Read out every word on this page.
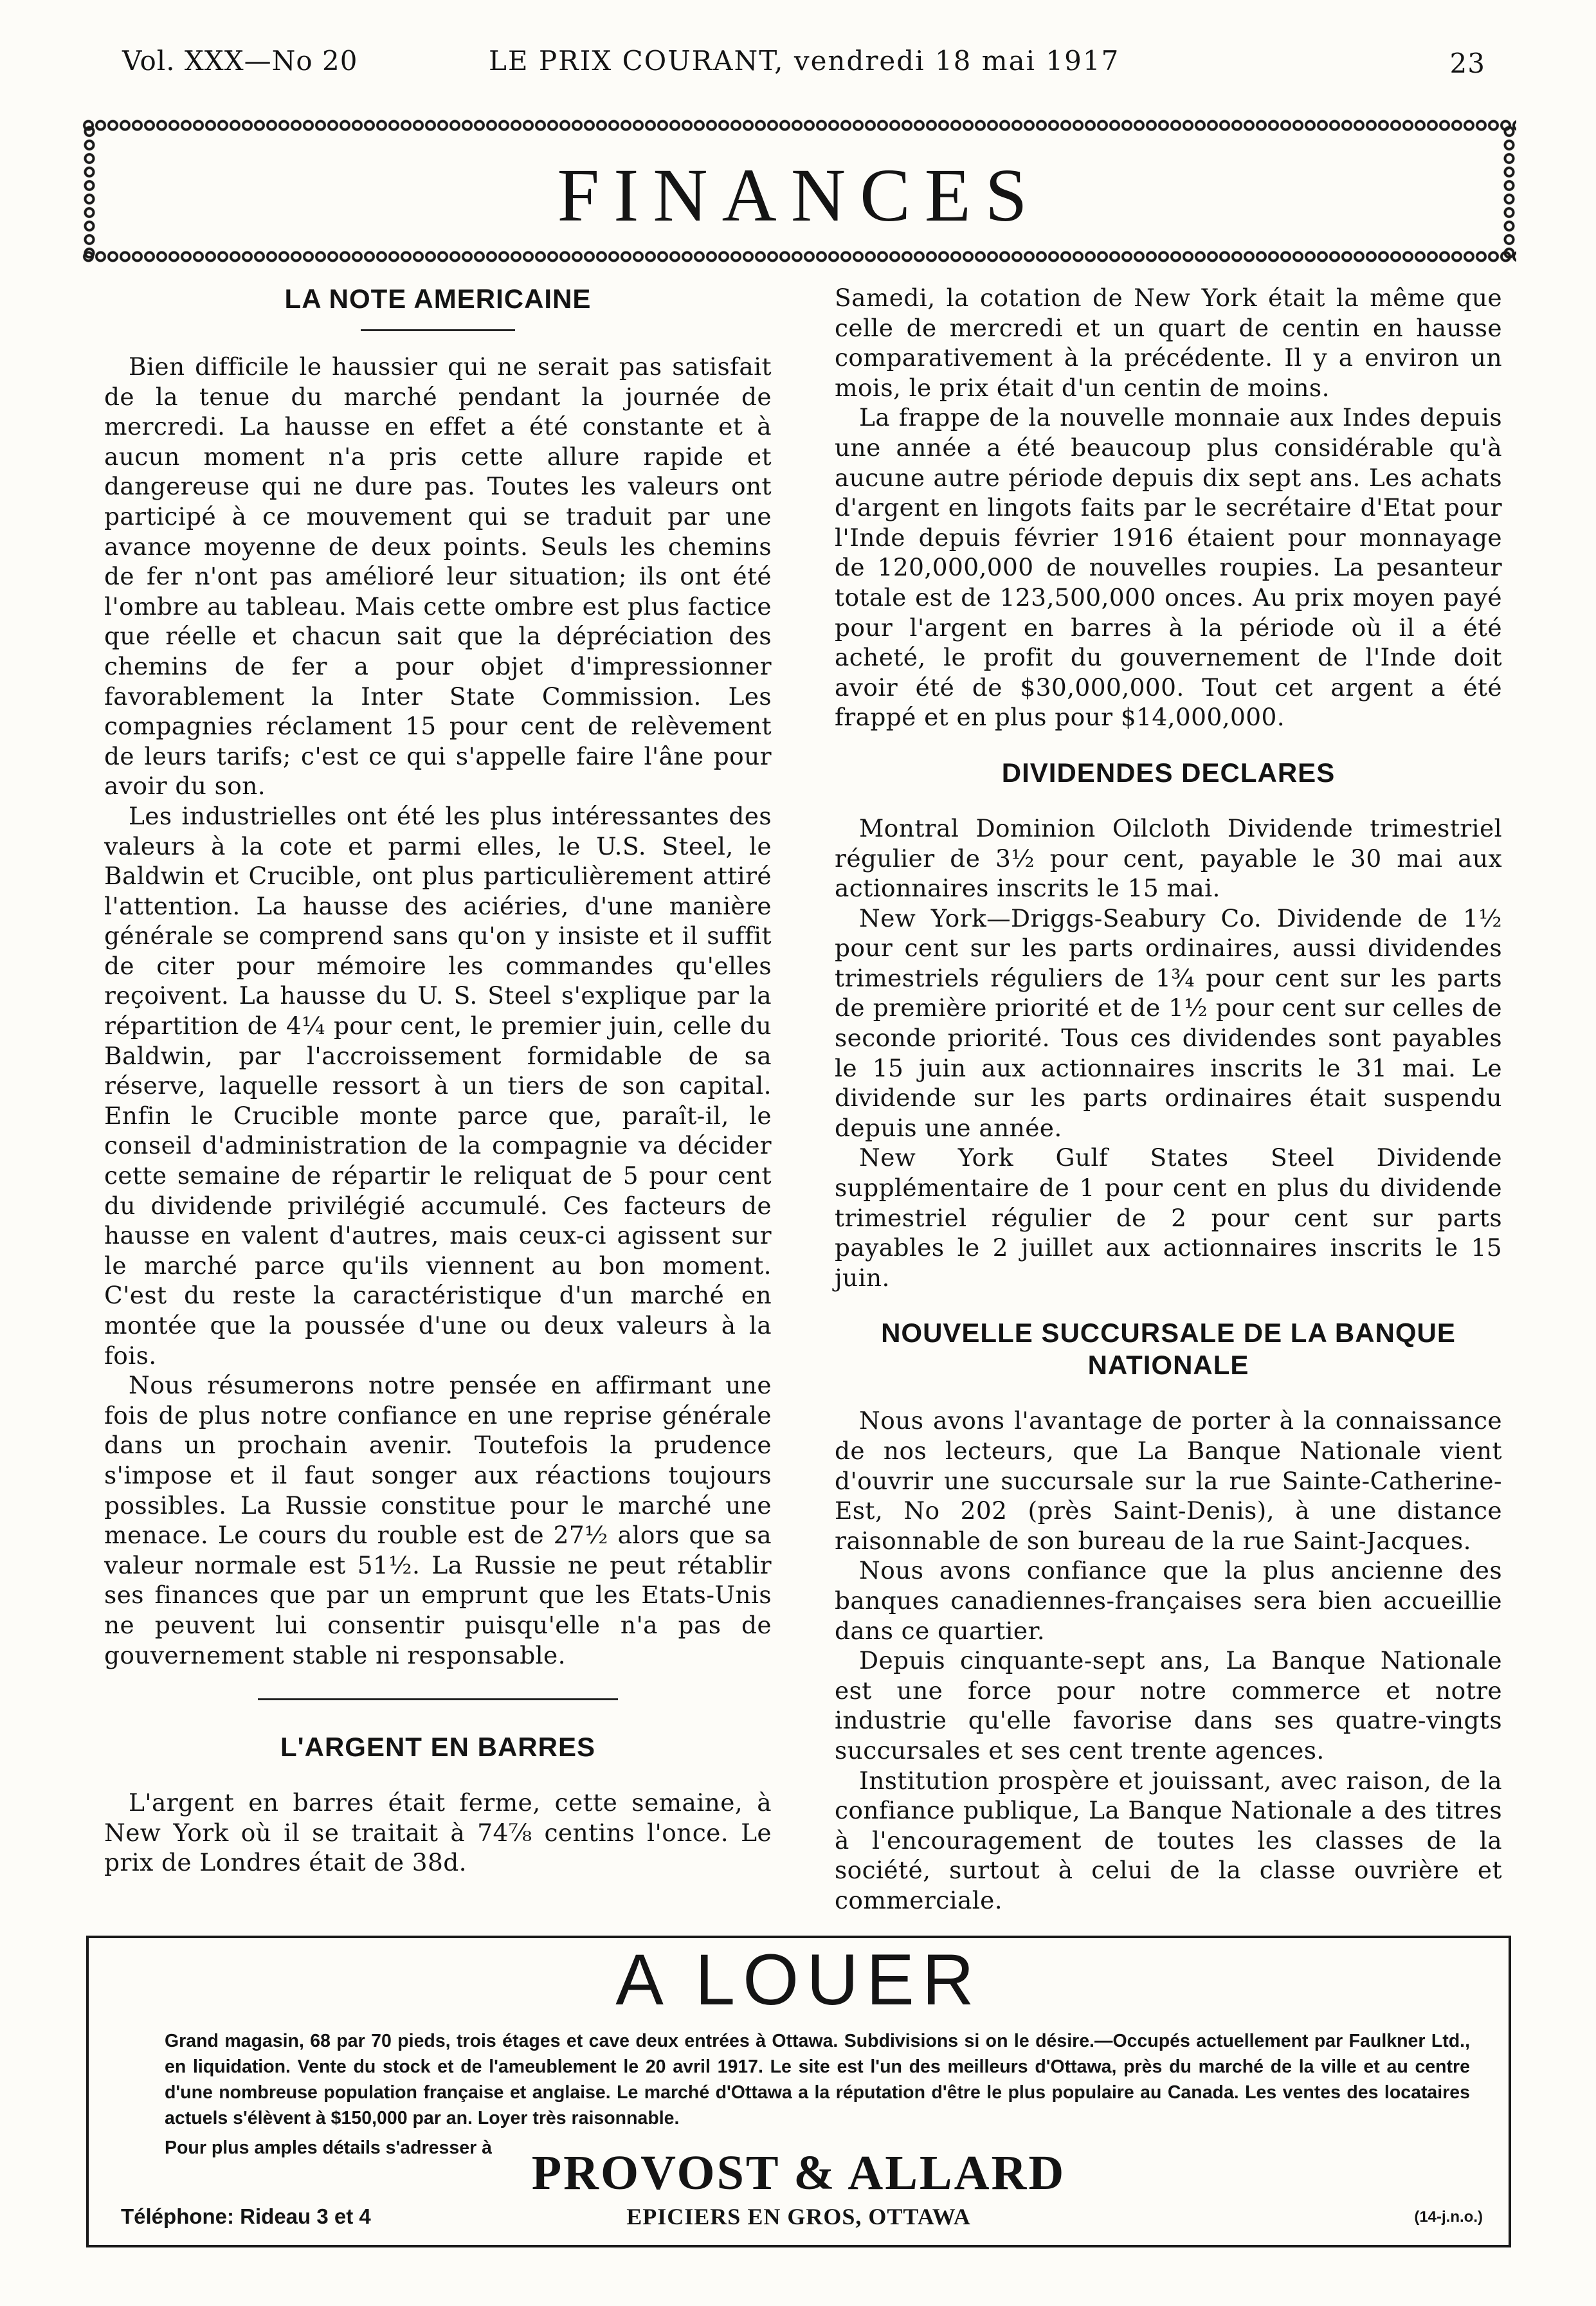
Vol. XXX—No 20	LE PRIX COURANT, vendredi 18 mai 1917	23
FINANCES
LA NOTE AMERICAINE

Bien difficile le haussier qui ne serait pas satisfait de la tenue du marché pendant la journée de mercredi. La hausse en effet a été constante et à aucun moment n'a pris cette allure rapide et dangereuse qui ne dure pas. Toutes les valeurs ont participé à ce mouvement qui se traduit par une avance moyenne de deux points. Seuls les chemins de fer n'ont pas amélioré leur situation; ils ont été l'ombre au tableau. Mais cette ombre est plus factice que réelle et chacun sait que la dépréciation des chemins de fer a pour objet d'impressionner favorablement la Inter State Commission. Les compagnies réclament 15 pour cent de relèvement de leurs tarifs; c'est ce qui s'appelle faire l'âne pour avoir du son.

Les industrielles ont été les plus intéressantes des valeurs à la cote et parmi elles, le U.S. Steel, le Baldwin et Crucible, ont plus particulièrement attiré l'attention. La hausse des aciéries, d'une manière générale se comprend sans qu'on y insiste et il suffit de citer pour mémoire les commandes qu'elles reçoivent. La hausse du U. S. Steel s'explique par la répartition de 4¼ pour cent, le premier juin, celle du Baldwin, par l'accroissement formidable de sa réserve, laquelle ressort à un tiers de son capital. Enfin le Crucible monte parce que, paraît-il, le conseil d'administration de la compagnie va décider cette semaine de répartir le reliquat de 5 pour cent du dividende privilégié accumulé. Ces facteurs de hausse en valent d'autres, mais ceux-ci agissent sur le marché parce qu'ils viennent au bon moment. C'est du reste la caractéristique d'un marché en montée que la poussée d'une ou deux valeurs à la fois.

Nous résumerons notre pensée en affirmant une fois de plus notre confiance en une reprise générale dans un prochain avenir. Toutefois la prudence s'impose et il faut songer aux réactions toujours possibles. La Russie constitue pour le marché une menace. Le cours du rouble est de 27½ alors que sa valeur normale est 51½. La Russie ne peut rétablir ses finances que par un emprunt que les Etats-Unis ne peuvent lui consentir puisqu'elle n'a pas de gouvernement stable ni responsable.

L'ARGENT EN BARRES

L'argent en barres était ferme, cette semaine, à New York où il se traitait à 74⅞ centins l'once. Le prix de Londres était de 38d.

Samedi, la cotation de New York était la même que celle de mercredi et un quart de centin en hausse comparativement à la précédente. Il y a environ un mois, le prix était d'un centin de moins.

La frappe de la nouvelle monnaie aux Indes depuis une année a été beaucoup plus considérable qu'à aucune autre période depuis dix sept ans. Les achats d'argent en lingots faits par le secrétaire d'Etat pour l'Inde depuis février 1916 étaient pour monnayage de 120,000,000 de nouvelles roupies. La pesanteur totale est de 123,500,000 onces. Au prix moyen payé pour l'argent en barres à la période où il a été acheté, le profit du gouvernement de l'Inde doit avoir été de $30,000,000. Tout cet argent a été frappé et en plus pour $14,000,000.

DIVIDENDES DECLARES

Montral Dominion Oilcloth Dividende trimestriel régulier de 3½ pour cent, payable le 30 mai aux actionnaires inscrits le 15 mai.

New York—Driggs-Seabury Co. Dividende de 1½ pour cent sur les parts ordinaires, aussi dividendes trimestriels réguliers de 1¾ pour cent sur les parts de première priorité et de 1½ pour cent sur celles de seconde priorité. Tous ces dividendes sont payables le 15 juin aux actionnaires inscrits le 31 mai. Le dividende sur les parts ordinaires était suspendu depuis une année.

New York Gulf States Steel Dividende supplémentaire de 1 pour cent en plus du dividende trimestriel régulier de 2 pour cent sur parts payables le 2 juillet aux actionnaires inscrits le 15 juin.

NOUVELLE SUCCURSALE DE LA BANQUE NATIONALE

Nous avons l'avantage de porter à la connaissance de nos lecteurs, que La Banque Nationale vient d'ouvrir une succursale sur la rue Sainte-Catherine-Est, No 202 (près Saint-Denis), à une distance raisonnable de son bureau de la rue Saint-Jacques.

Nous avons confiance que la plus ancienne des banques canadiennes-françaises sera bien accueillie dans ce quartier.

Depuis cinquante-sept ans, La Banque Nationale est une force pour notre commerce et notre industrie qu'elle favorise dans ses quatre-vingts succursales et ses cent trente agences.

Institution prospère et jouissant, avec raison, de la confiance publique, La Banque Nationale a des titres à l'encouragement de toutes les classes de la société, surtout à celui de la classe ouvrière et commerciale.

A LOUER
Grand magasin, 68 par 70 pieds, trois étages et cave deux entrées à Ottawa. Subdivisions si on le désire.—Occupés actuellement par Faulkner Ltd., en liquidation. Vente du stock et de l'ameublement le 20 avril 1917. Le site est l'un des meilleurs d'Ottawa, près du marché de la ville et au centre d'une nombreuse population française et anglaise. Le marché d'Ottawa a la réputation d'être le plus populaire au Canada. Les ventes des locataires actuels s'élèvent à $150,000 par an. Loyer très raisonnable.
Pour plus amples détails s'adresser à PROVOST & ALLARD
EPICIERS EN GROS, OTTAWA
Téléphone: Rideau 3 et 4	(14-j.n.o.)
